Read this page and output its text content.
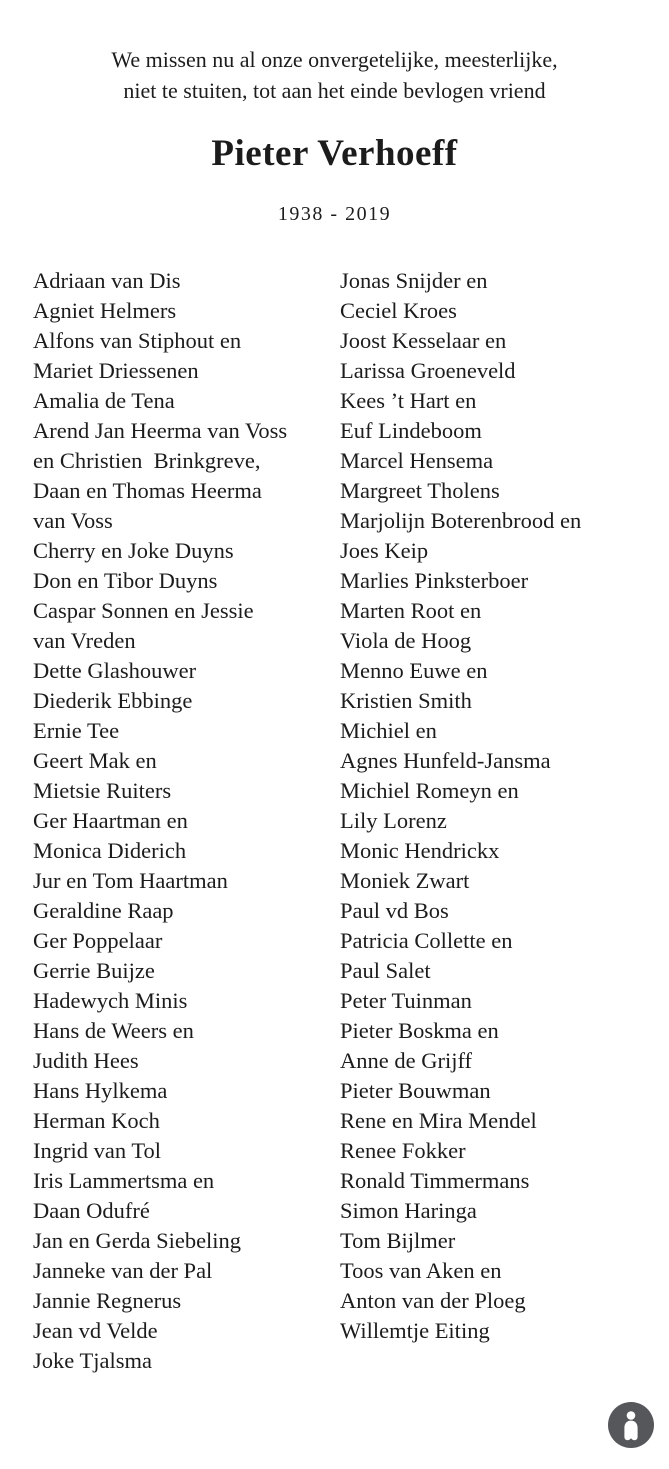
We missen nu al onze onvergetelijke, meesterlijke,
niet te stuiten, tot aan het einde bevlogen vriend
Pieter Verhoeff
1938 - 2019
Adriaan van Dis
Agniet Helmers
Alfons van Stiphout en
Mariet Driessenen
Amalia de Tena
Arend Jan Heerma van Voss
en Christien  Brinkgreve,
Daan en Thomas Heerma
van Voss
Cherry en Joke Duyns
Don en Tibor Duyns
Caspar Sonnen en Jessie
van Vreden
Dette Glashouwer
Diederik Ebbinge
Ernie Tee
Geert Mak en
Mietsie Ruiters
Ger Haartman en
Monica Diderich
Jur en Tom Haartman
Geraldine Raap
Ger Poppelaar
Gerrie Buijze
Hadewych Minis
Hans de Weers en
Judith Hees
Hans Hylkema
Herman Koch
Ingrid van Tol
Iris Lammertsma en
Daan Odufré
Jan en Gerda Siebeling
Janneke van der Pal
Jannie Regnerus
Jean vd Velde
Joke Tjalsma
Jonas Snijder en
Ceciel Kroes
Joost Kesselaar en
Larissa Groeneveld
Kees ’t Hart en
Euf Lindeboom
Marcel Hensema
Margreet Tholens
Marjolijn Boterenbrood en
Joes Keip
Marlies Pinksterboer
Marten Root en
Viola de Hoog
Menno Euwe en
Kristien Smith
Michiel en
Agnes Hunfeld-Jansma
Michiel Romeyn en
Lily Lorenz
Monic Hendrickx
Moniek Zwart
Paul vd Bos
Patricia Collette en
Paul Salet
Peter Tuinman
Pieter Boskma en
Anne de Grijff
Pieter Bouwman
Rene en Mira Mendel
Renee Fokker
Ronald Timmermans
Simon Haringa
Tom Bijlmer
Toos van Aken en
Anton van der Ploeg
Willemtje Eiting
